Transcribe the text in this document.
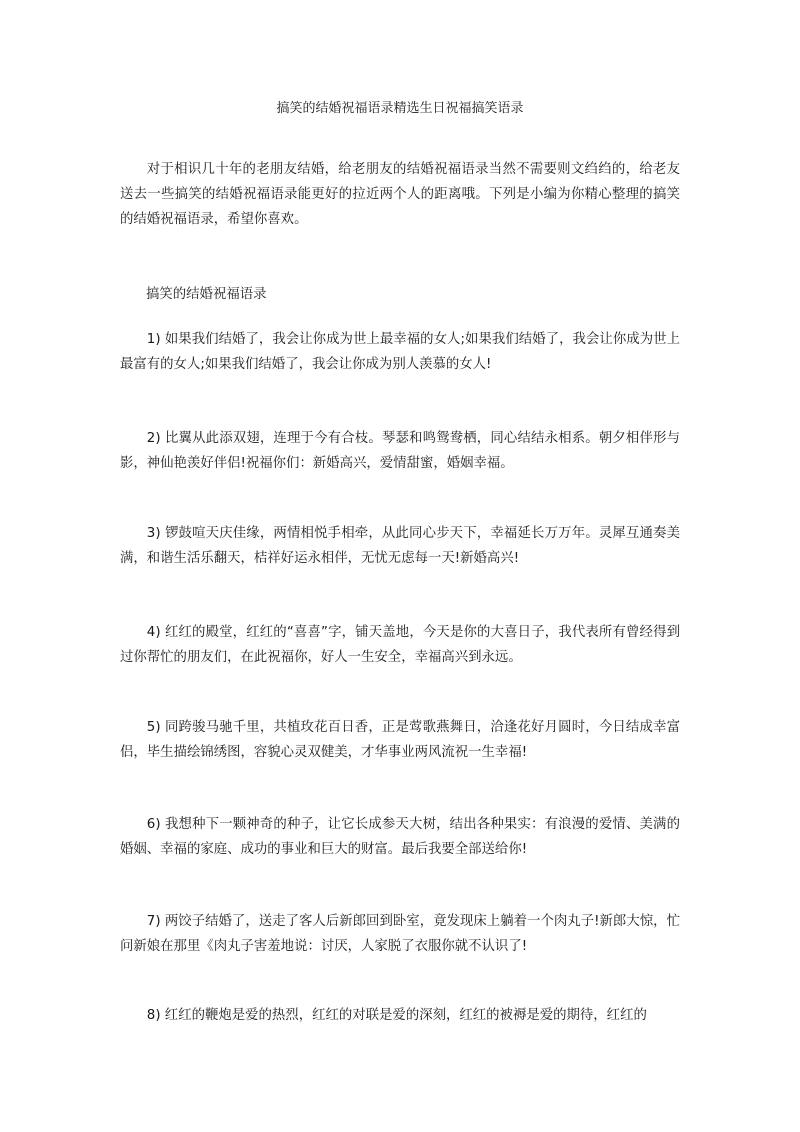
搞笑的结婚祝福语录精选生日祝福搞笑语录
对于相识几十年的老朋友结婚，给老朋友的结婚祝福语录当然不需要则文绉绉的，给老友送去一些搞笑的结婚祝福语录能更好的拉近两个人的距离哦。下列是小编为你精心整理的搞笑的结婚祝福语录，希望你喜欢。
搞笑的结婚祝福语录
1) 如果我们结婚了，我会让你成为世上最幸福的女人;如果我们结婚了，我会让你成为世上最富有的女人;如果我们结婚了，我会让你成为别人羡慕的女人!
2) 比翼从此添双翅，连理于今有合枝。琴瑟和鸣鸳鸯栖，同心结结永相系。朝夕相伴形与影，神仙艳羡好伴侣!祝福你们：新婚高兴，爱情甜蜜，婚姻幸福。
3) 锣鼓喧天庆佳缘，两情相悦手相牵，从此同心步天下，幸福延长万万年。灵犀互通奏美满，和谐生活乐翻天，桔祥好运永相伴，无忧无虑每一天!新婚高兴!
4) 红红的殿堂，红红的“喜喜”字，铺天盖地，今天是你的大喜日子，我代表所有曾经得到过你帮忙的朋友们，在此祝福你，好人一生安全，幸福高兴到永远。
5) 同跨骏马驰千里，共植玫花百日香，正是莺歌燕舞日，洽逢花好月圆时，今日结成幸富侣，毕生描绘锦绣图，容貌心灵双健美，才华事业两风流祝一生幸福!
6) 我想种下一颗神奇的种子，让它长成参天大树，结出各种果实：有浪漫的爱情、美满的婚姻、幸福的家庭、成功的事业和巨大的财富。最后我要全部送给你!
7) 两饺子结婚了，送走了客人后新郎回到卧室，竟发现床上躺着一个肉丸子!新郎大惊，忙问新娘在那里《肉丸子害羞地说：讨厌，人家脱了衣服你就不认识了!
8) 红红的鞭炮是爱的热烈，红红的对联是爱的深刻，红红的被褥是爱的期待，红红的
